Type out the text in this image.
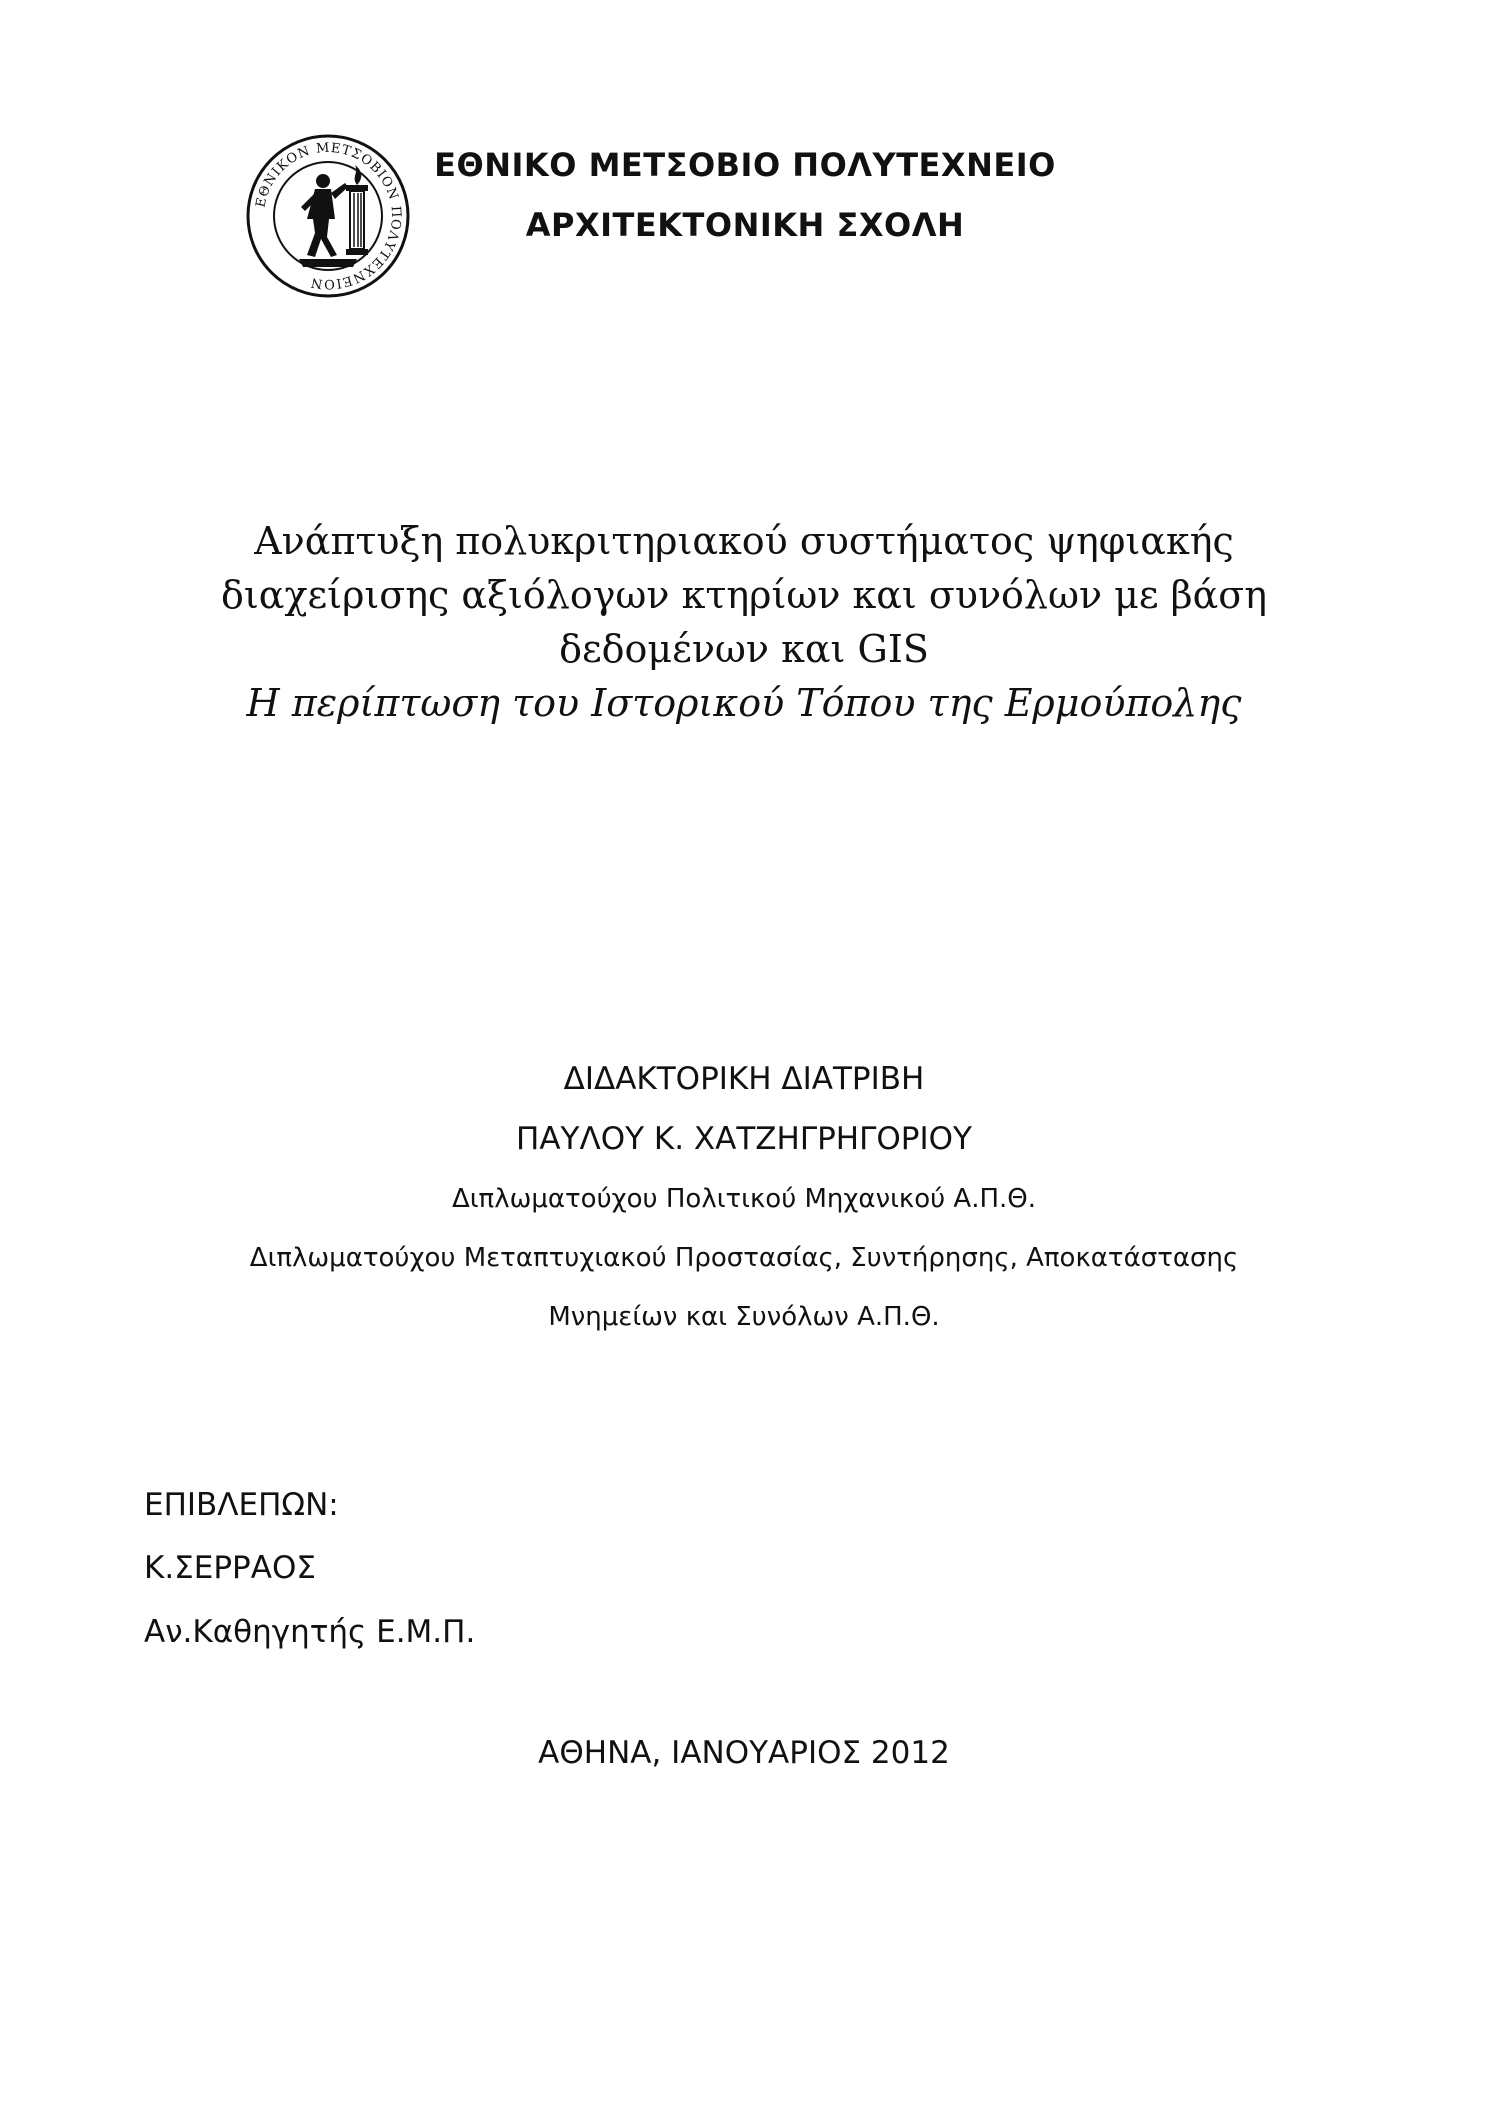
ΕΘΝΙΚΟΝ ΜΕΤΣΟΒΙΟΝ ΠΟΛΥΤΕΧΝΕΙΟΝ
ΕΘΝΙΚΟ ΜΕΤΣΟΒΙΟ ΠΟΛΥΤΕΧΝΕΙΟ
ΑΡΧΙΤΕΚΤΟΝΙΚΗ ΣΧΟΛΗ
Ανάπτυξη πολυκριτηριακού συστήματος ψηφιακής
διαχείρισης αξιόλογων κτηρίων και συνόλων με βάση
δεδομένων και GIS
Η περίπτωση του Ιστορικού Τόπου της Ερμούπολης
ΔΙΔΑΚΤΟΡΙΚΗ ΔΙΑΤΡΙΒΗ
ΠΑΥΛΟΥ Κ. ΧΑΤΖΗΓΡΗΓΟΡΙΟΥ
Διπλωματούχου Πολιτικού Μηχανικού Α.Π.Θ.
Διπλωματούχου Μεταπτυχιακού Προστασίας, Συντήρησης, Αποκατάστασης
Μνημείων και Συνόλων Α.Π.Θ.
ΕΠΙΒΛΕΠΩΝ:
Κ.ΣΕΡΡΑΟΣ
Αν.Καθηγητής Ε.Μ.Π.
ΑΘΗΝΑ, ΙΑΝΟΥΑΡΙΟΣ 2012
